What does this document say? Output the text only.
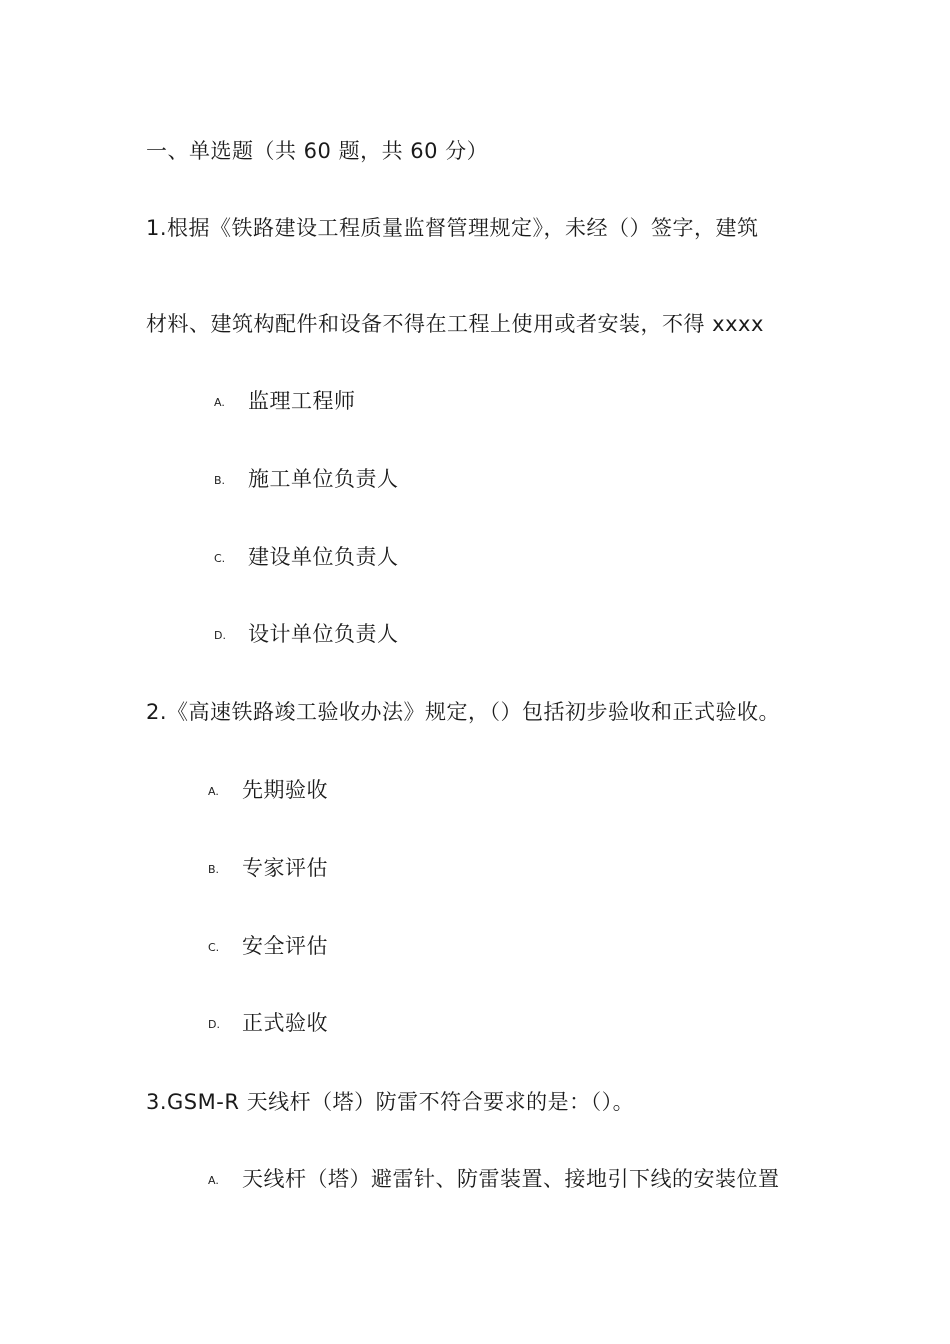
一、单选题（共 60 题，共 60 分）
1.根据《铁路建设工程质量监督管理规定》，未经（）签字，建筑
材料、建筑构配件和设备不得在工程上使用或者安装，不得 xxxx
A. 监理工程师
B. 施工单位负责人
C. 建设单位负责人
D. 设计单位负责人
2.《高速铁路竣工验收办法》规定，（）包括初步验收和正式验收。
A. 先期验收
B. 专家评估
C. 安全评估
D. 正式验收
3.GSM-R 天线杆（塔）防雷不符合要求的是：（）。
A. 天线杆（塔）避雷针、防雷装置、接地引下线的安装位置
